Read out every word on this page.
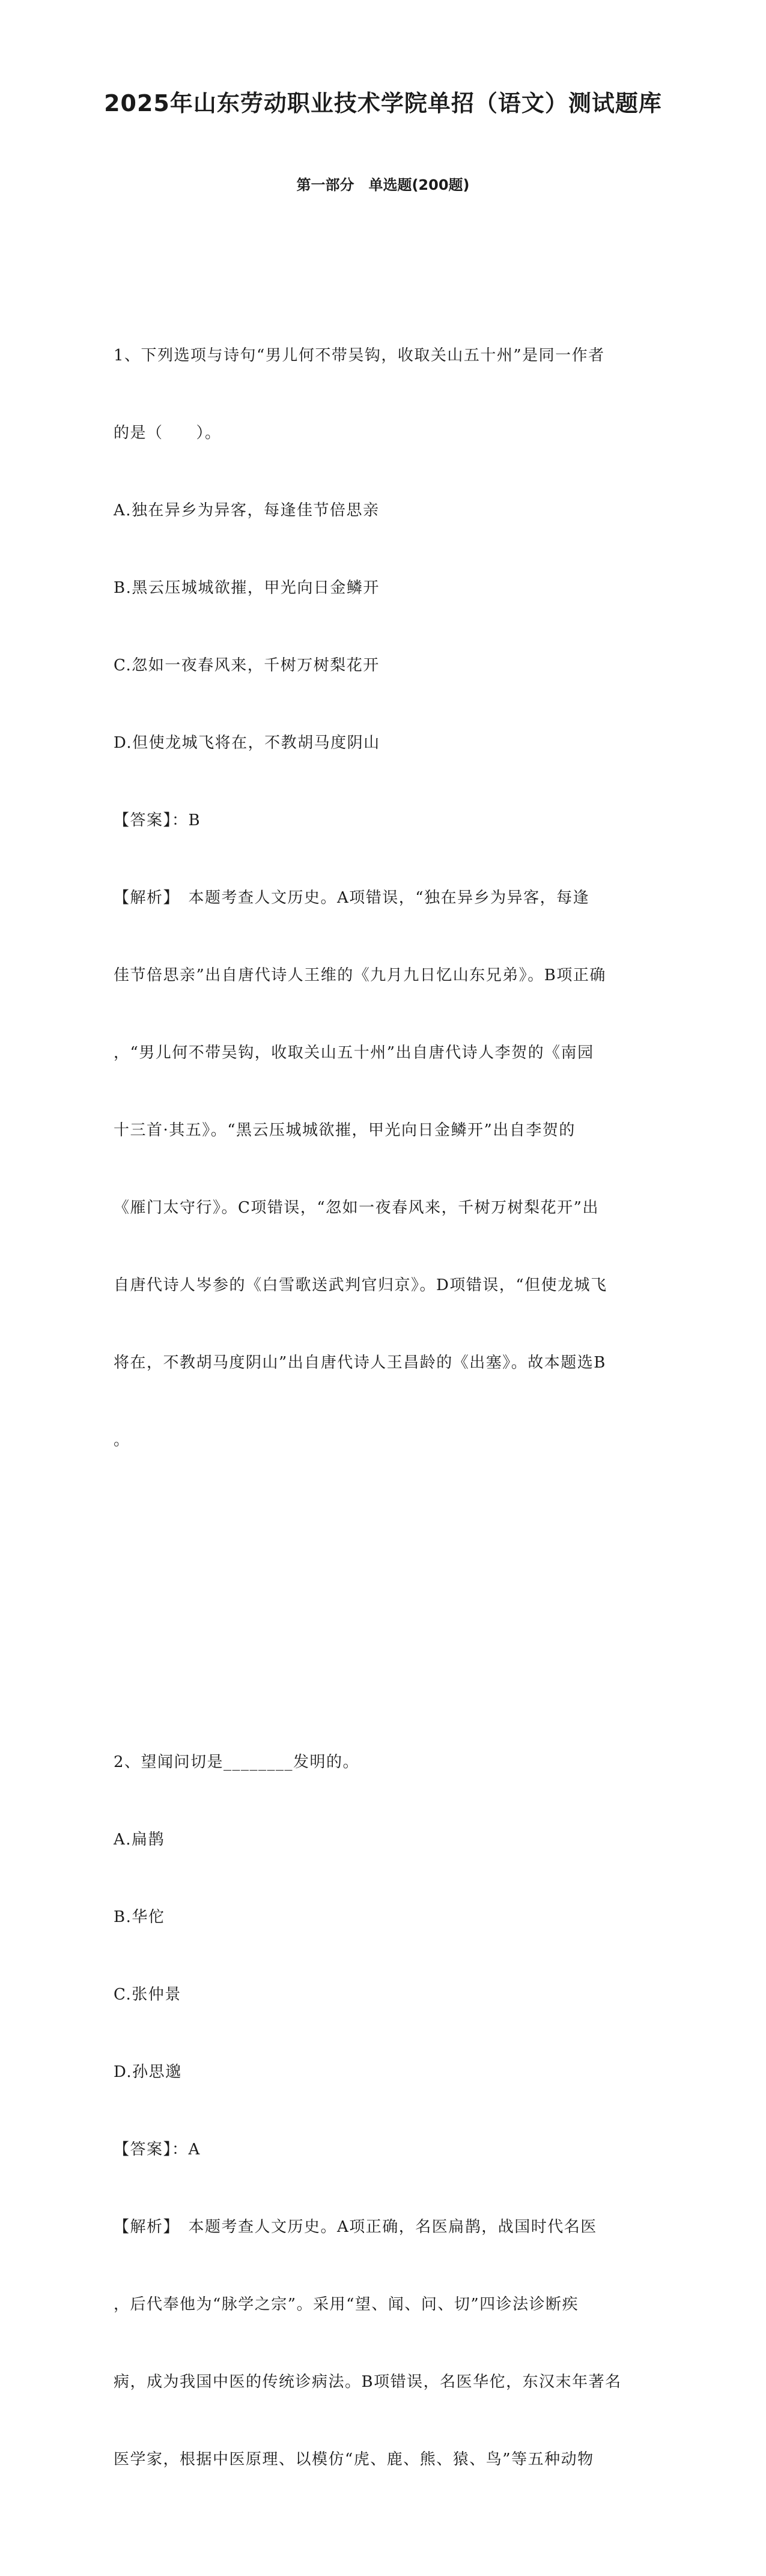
2025年山东劳动职业技术学院单招（语文）测试题库
第一部分　单选题(200题)

1、下列选项与诗句“男儿何不带吴钩，收取关山五十州”是同一作者

的是（　　）。

A.独在异乡为异客，每逢佳节倍思亲

B.黑云压城城欲摧，甲光向日金鳞开

C.忽如一夜春风来，千树万树梨花开

D.但使龙城飞将在，不教胡马度阴山

【答案】：B

【解析】　本题考查人文历史。A项错误，“独在异乡为异客，每逢

佳节倍思亲”出自唐代诗人王维的《九月九日忆山东兄弟》。B项正确

，“男儿何不带吴钩，收取关山五十州”出自唐代诗人李贺的《南园

十三首·其五》。“黑云压城城欲摧，甲光向日金鳞开”出自李贺的

《雁门太守行》。C项错误，“忽如一夜春风来，千树万树梨花开”出

自唐代诗人岑参的《白雪歌送武判官归京》。D项错误，“但使龙城飞

将在，不教胡马度阴山”出自唐代诗人王昌龄的《出塞》。故本题选B

。

2、望闻问切是________发明的。

A.扁鹊

B.华佗

C.张仲景

D.孙思邈

【答案】：A

【解析】　本题考查人文历史。A项正确，名医扁鹊，战国时代名医

，后代奉他为“脉学之宗”。采用“望、闻、问、切”四诊法诊断疾

病，成为我国中医的传统诊病法。B项错误，名医华佗，东汉末年著名

医学家，根据中医原理、以模仿“虎、鹿、熊、猿、鸟”等五种动物
